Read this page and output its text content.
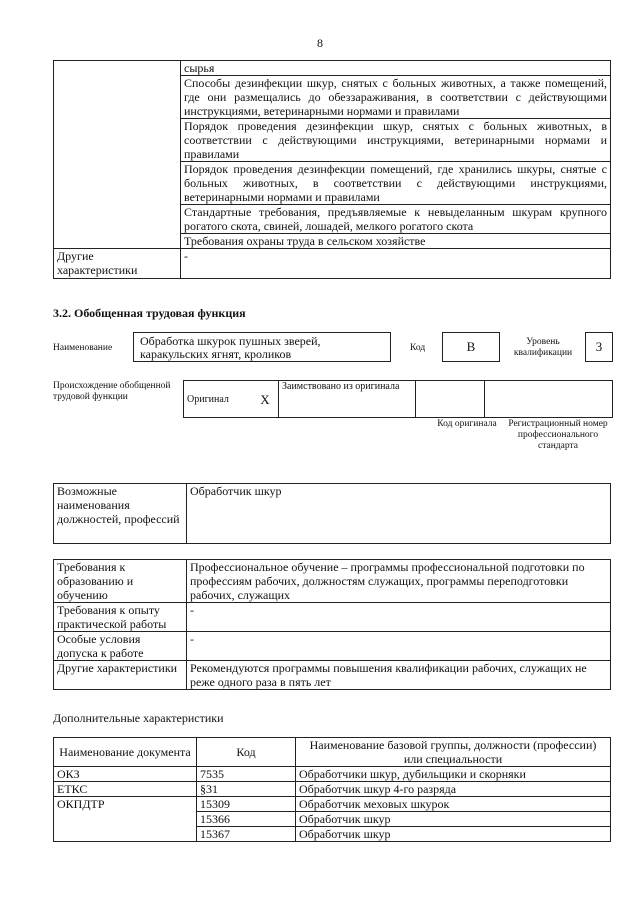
8
	сырья
	Способы дезинфекции шкур, снятых с больных животных, а также помещений, где они размещались до обеззараживания, в соответствии с действующими инструкциями, ветеринарными нормами и правилами
	Порядок проведения дезинфекции шкур, снятых с больных животных, в соответствии с действующими инструкциями, ветеринарными нормами и правилами
	Порядок проведения дезинфекции помещений, где хранились шкуры, снятые с больных животных, в соответствии с действующими инструкциями, ветеринарными нормами и правилами
	Стандартные требования, предъявляемые к невыделанным шкурам крупного рогатого скота, свиней, лошадей, мелкого рогатого скота
	Требования охраны труда в сельском хозяйстве
Другие характеристики	-
3.2. Обобщенная трудовая функция
Наименование	Обработка шкурок пушных зверей, каракульских ягнят, кроликов	Код	B	Уровень квалификации	3
Происхождение обобщенной трудовой функции	Оригинал	X	Заимствовано из оригинала		
Код оригинала	Регистрационный номер профессионального стандарта
Возможные наименования должностей, профессий	Обработчик шкур
Требования к образованию и обучению	Профессиональное обучение – программы профессиональной подготовки по профессиям рабочих, должностям служащих, программы переподготовки рабочих, служащих
Требования к опыту практической работы	-
Особые условия допуска к работе	-
Другие характеристики	Рекомендуются программы повышения квалификации рабочих, служащих не реже одного раза в пять лет
Дополнительные характеристики
Наименование документа	Код	Наименование базовой группы, должности (профессии) или специальности
ОКЗ	7535	Обработчики шкур, дубильщики и скорняки
ЕТКС	§31	Обработчик шкур 4-го разряда
ОКПДТР	15309	Обработчик меховых шкурок
	15366	Обработчик шкур
	15367	Обработчик шкур
